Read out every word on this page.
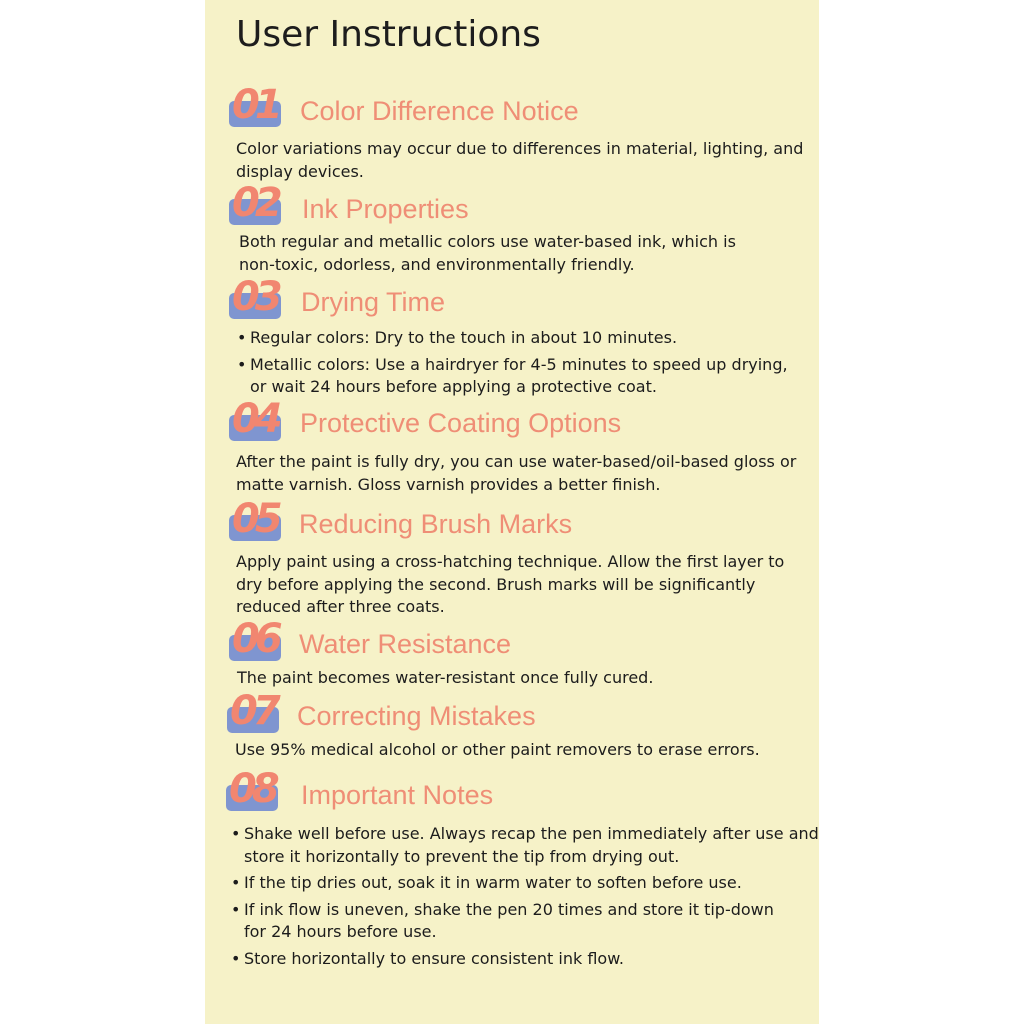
User Instructions
01 Color Difference Notice
Color variations may occur due to differences in material, lighting, and
display devices.
02 Ink Properties
Both regular and metallic colors use water-based ink, which is
non-toxic, odorless, and environmentally friendly.
03 Drying Time
• Regular colors: Dry to the touch in about 10 minutes.
• Metallic colors: Use a hairdryer for 4-5 minutes to speed up drying,
or wait 24 hours before applying a protective coat.
04 Protective Coating Options
After the paint is fully dry, you can use water-based/oil-based gloss or
matte varnish. Gloss varnish provides a better finish.
05 Reducing Brush Marks
Apply paint using a cross-hatching technique. Allow the first layer to
dry before applying the second. Brush marks will be significantly
reduced after three coats.
06 Water Resistance
The paint becomes water-resistant once fully cured.
07 Correcting Mistakes
Use 95% medical alcohol or other paint removers to erase errors.
08 Important Notes
• Shake well before use. Always recap the pen immediately after use and
store it horizontally to prevent the tip from drying out.
• If the tip dries out, soak it in warm water to soften before use.
• If ink flow is uneven, shake the pen 20 times and store it tip-down
for 24 hours before use.
• Store horizontally to ensure consistent ink flow.
